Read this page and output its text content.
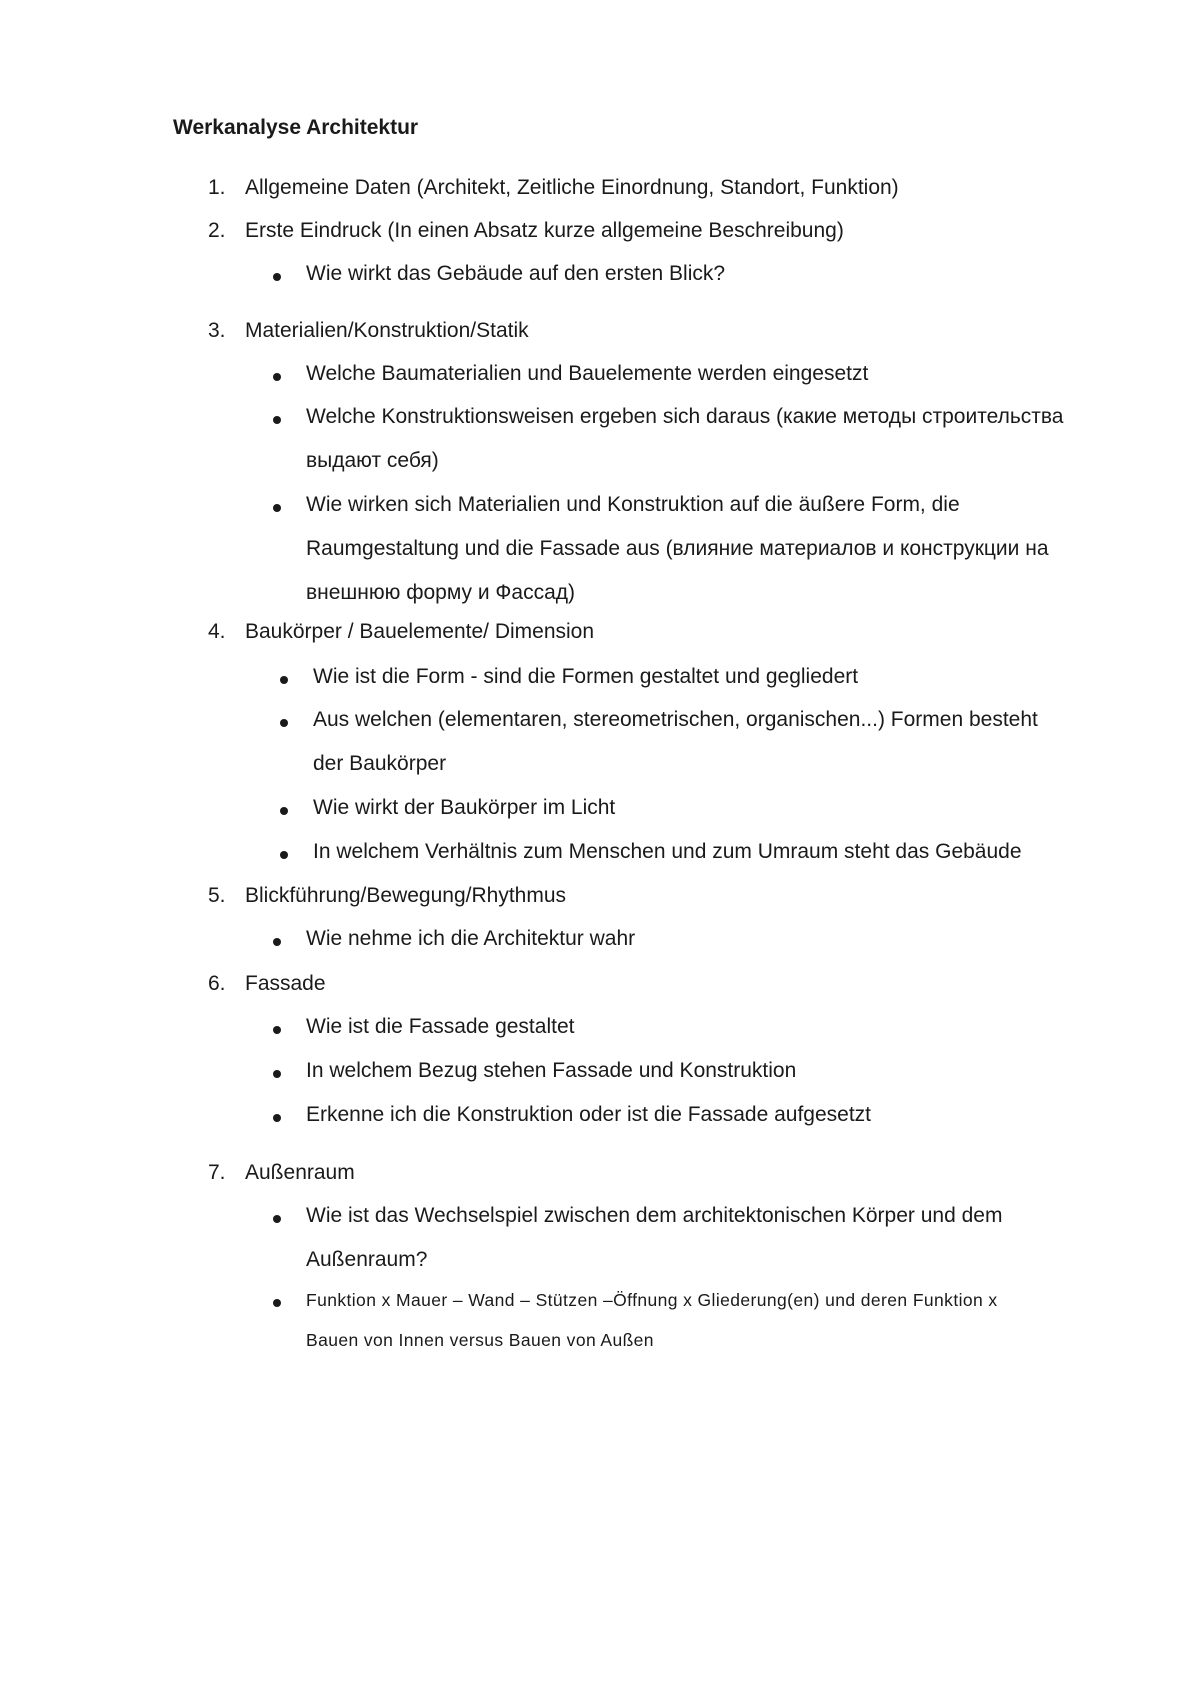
Werkanalyse Architektur
1. Allgemeine Daten (Architekt, Zeitliche Einordnung, Standort, Funktion)
2. Erste Eindruck (In einen Absatz kurze allgemeine Beschreibung)
Wie wirkt das Gebäude auf den ersten Blick?
3. Materialien/Konstruktion/Statik
Welche Baumaterialien und Bauelemente werden eingesetzt
Welche Konstruktionsweisen ergeben sich daraus (какие методы строительства
выдают себя)
Wie wirken sich Materialien und Konstruktion auf die äußere Form, die
Raumgestaltung und die Fassade aus (влияние материалов и конструкции на
внешнюю форму и Фассад)
4. Baukörper / Bauelemente/ Dimension
Wie ist die Form - sind die Formen gestaltet und gegliedert
Aus welchen (elementaren, stereometrischen, organischen...) Formen besteht
der Baukörper
Wie wirkt der Baukörper im Licht
In welchem Verhältnis zum Menschen und zum Umraum steht das Gebäude
5. Blickführung/Bewegung/Rhythmus
Wie nehme ich die Architektur wahr
6. Fassade
Wie ist die Fassade gestaltet
In welchem Bezug stehen Fassade und Konstruktion
Erkenne ich die Konstruktion oder ist die Fassade aufgesetzt
7. Außenraum
Wie ist das Wechselspiel zwischen dem architektonischen Körper und dem
Außenraum?
Funktion x Mauer – Wand – Stützen –Öffnung x Gliederung(en) und deren Funktion x
Bauen von Innen versus Bauen von Außen
